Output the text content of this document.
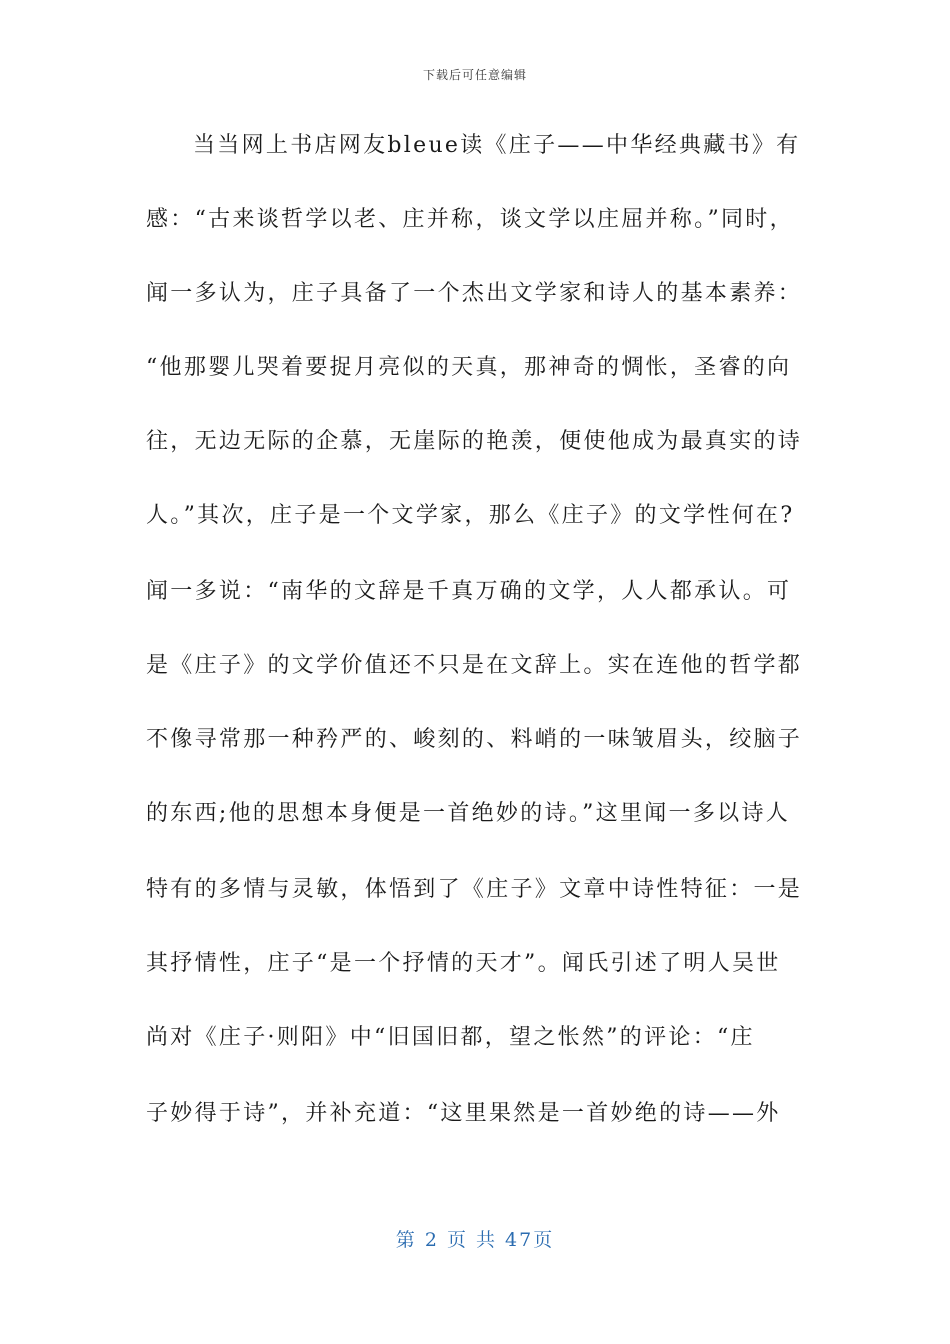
下载后可任意编辑
当当网上书店网友bleue读《庄子——中华经典藏书》有
感：“古来谈哲学以老、庄并称，谈文学以庄屈并称。”同时，
闻一多认为，庄子具备了一个杰出文学家和诗人的基本素养：
“他那婴儿哭着要捉月亮似的天真，那神奇的惆怅，圣睿的向
往，无边无际的企慕，无崖际的艳羡，便使他成为最真实的诗
人。”其次，庄子是一个文学家，那么《庄子》的文学性何在?
闻一多说：“南华的文辞是千真万确的文学，人人都承认。可
是《庄子》的文学价值还不只是在文辞上。实在连他的哲学都
不像寻常那一种矜严的、峻刻的、料峭的一味皱眉头，绞脑子
的东西;他的思想本身便是一首绝妙的诗。”这里闻一多以诗人
特有的多情与灵敏，体悟到了《庄子》文章中诗性特征：一是
其抒情性，庄子“是一个抒情的天才”。闻氏引述了明人吴世
尚对《庄子·则阳》中“旧国旧都，望之怅然”的评论：“庄
子妙得于诗”，并补充道：“这里果然是一首妙绝的诗——外
第 2 页 共 47页
